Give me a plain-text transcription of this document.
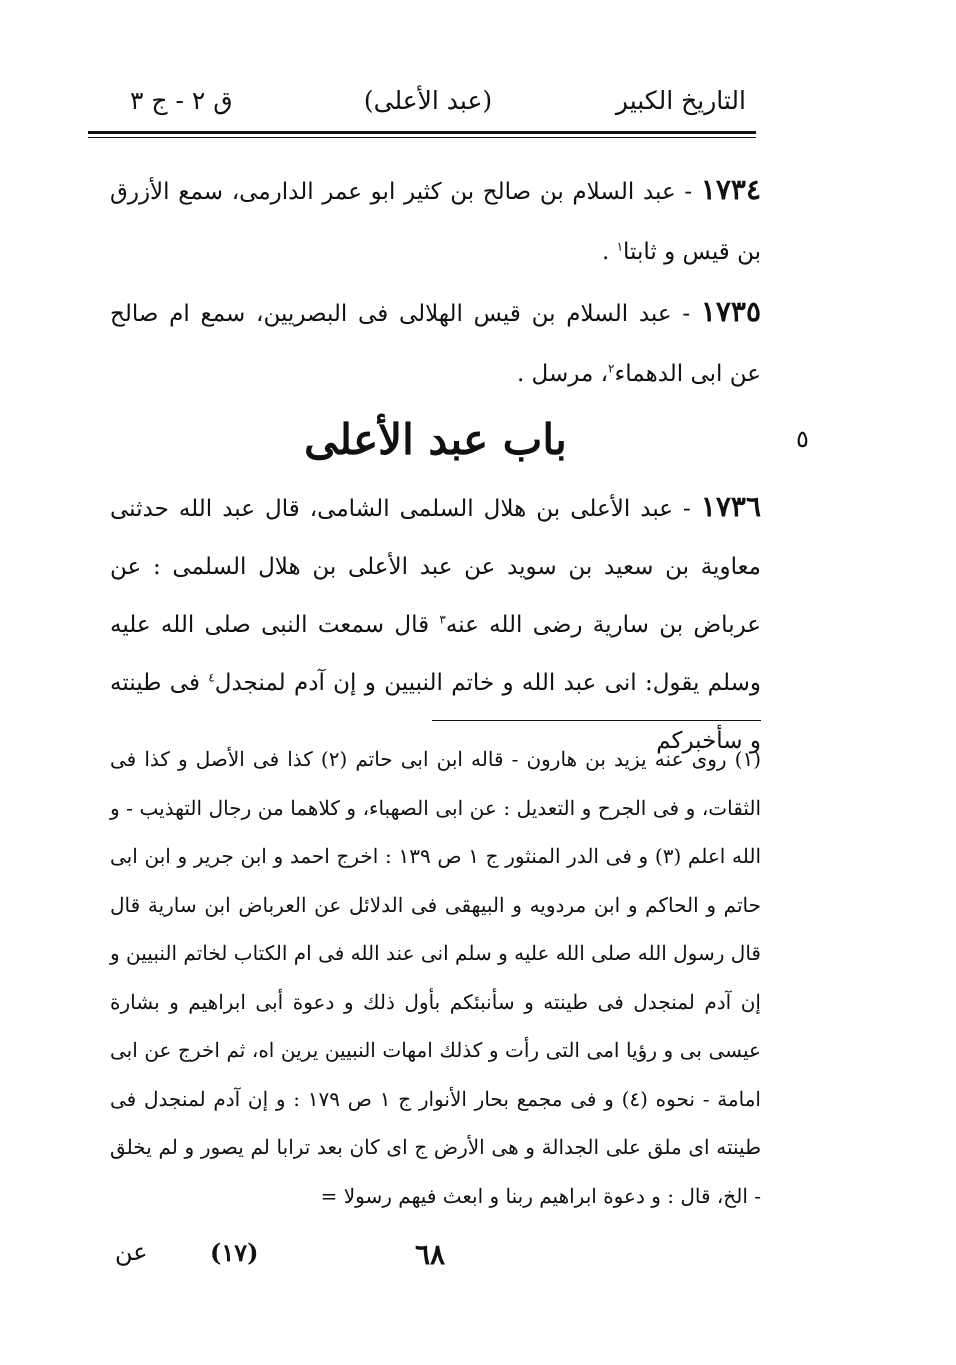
التاريخ الكبير
(عبد الأعلى)
ق ٢ - ج ٣

١٧٣٤ - عبد السلام بن صالح بن كثير ابو عمر الدارمى، سمع الأزرق بن قيس و ثابتا$^١$ .

١٧٣٥ - عبد السلام بن قيس الهلالى فى البصريين، سمع ام صالح عن ابى الدهماء$^٢$، مرسل .

باب عبد الأعلى	٥
١٧٣٦ - عبد الأعلى بن هلال السلمى الشامى، قال عبد الله حدثنى معاوية بن سعيد بن سويد عن عبد الأعلى بن هلال السلمى : عن عرباض بن سارية رضى الله عنه$^٣$ قال سمعت النبى صلى الله عليه وسلم يقول: انى عبد الله و خاتم النبيين و إن آدم لمنجدل$^٤$ فى طينته و سأخبركم
(١) روى عنه يزيد بن هارون - قاله ابن ابى حاتم (٢) كذا فى الأصل و كذا فى الثقات، و فى الجرح و التعديل : عن ابى الصهباء، و كلاهما من رجال التهذيب - و الله اعلم (٣) و فى الدر المنثور ج ١ ص ١٣٩ : اخرج احمد و ابن جرير و ابن ابى حاتم و الحاكم و ابن مردويه و البيهقى فى الدلائل عن العرباض ابن سارية قال قال رسول الله صلى الله عليه و سلم انى عند الله فى ام الكتاب لخاتم النبيين و إن آدم لمنجدل فى طينته و سأنبئكم بأول ذلك و دعوة أبى ابراهيم و بشارة عيسى بى و رؤيا امى التى رأت و كذلك امهات النبيين يرين اه، ثم اخرج عن ابى امامة - نحوه (٤) و فى مجمع بحار الأنوار ج ١ ص ١٧٩ : و إن آدم لمنجدل فى طينته اى ملق على الجدالة و هى الأرض ج اى كان بعد ترابا لم يصور و لم يخلق - الخ، قال : و دعوة ابراهيم ربنا و ابعث فيهم رسولا =
٦٨
(١٧)
عن
